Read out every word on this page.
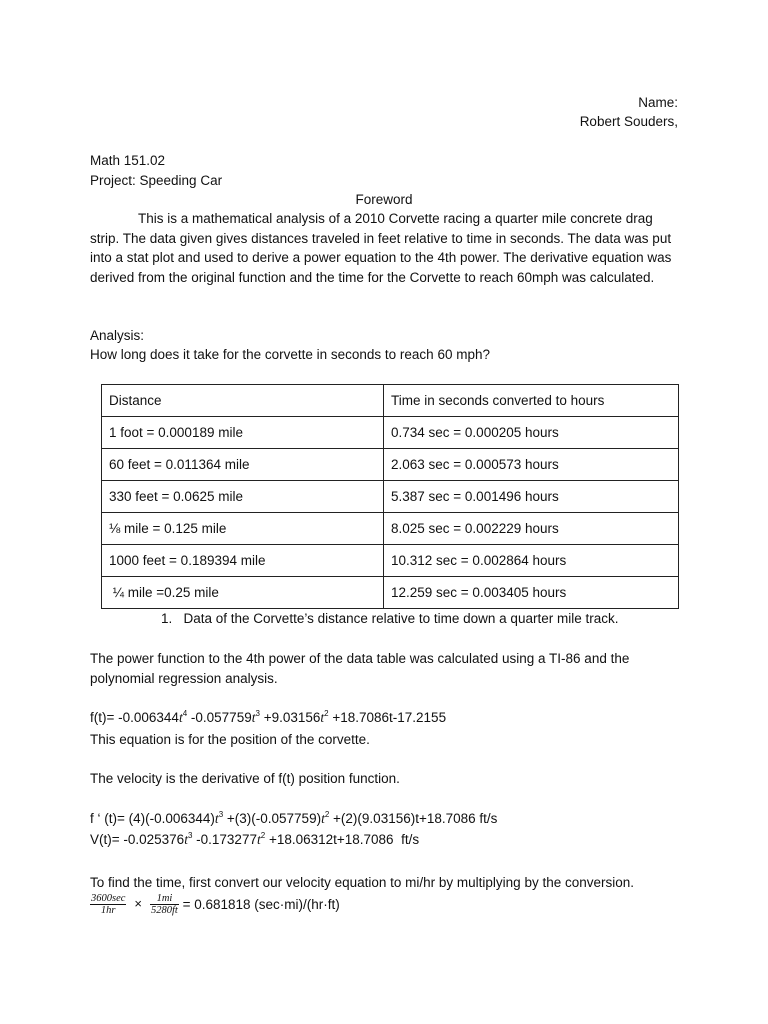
Name:
Robert Souders,
Math 151.02
Project: Speeding Car
Foreword
This is a mathematical analysis of a 2010 Corvette racing a quarter mile concrete drag strip. The data given gives distances traveled in feet relative to time in seconds. The data was put into a stat plot and used to derive a power equation to the 4th power. The derivative equation was derived from the original function and the time for the Corvette to reach 60mph was calculated.
Analysis:
How long does it take for the corvette in seconds to reach 60 mph?
Distance	Time in seconds converted to hours
1 foot = 0.000189 mile	0.734 sec = 0.000205 hours
60 feet = 0.011364 mile	2.063 sec = 0.000573 hours
330 feet = 0.0625 mile	5.387 sec = 0.001496 hours
⅛ mile = 0.125 mile	8.025 sec = 0.002229 hours
1000 feet = 0.189394 mile	10.312 sec = 0.002864 hours
¼ mile =0.25 mile	12.259 sec = 0.003405 hours
1.   Data of the Corvette’s distance relative to time down a quarter mile track.
The power function to the 4th power of the data table was calculated using a TI-86 and the polynomial regression analysis.
$f(t)= -0.006344t^4$ $-0.057759t^3 +9.03156t^2 +18.7086t-17.2155$
This equation is for the position of the corvette.
The velocity is the derivative of f(t) position function.
f ‘ $(t)= (4)(-0.006344)t^3 +(3)(-0.057759)t^2 +(2)(9.03156)t+18.7086$ ft/s
$V(t)= -0.025376t^3$ $-0.173277t^2 +18.06312t+18.7086$  ft/s
To find the time, first convert our velocity equation to mi/hr by multiplying by the conversion.
$\frac{3600\sec}{1hr} \times \frac{1mi}{5280ft} = 0.681818$ (sec·mi)/(hr·ft)
